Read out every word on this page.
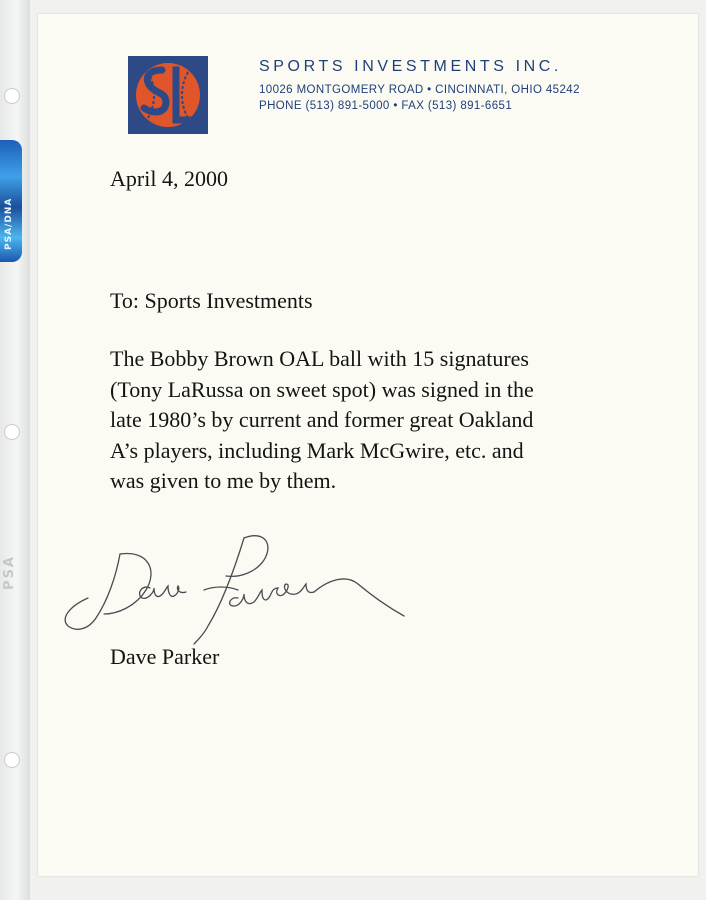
PSA/DNA
PSA
SPORTS INVESTMENTS INC.
10026 MONTGOMERY ROAD • CINCINNATI, OHIO 45242
PHONE (513) 891-5000 • FAX (513) 891-6651
April 4, 2000
To: Sports Investments
The Bobby Brown OAL ball with 15 signatures
(Tony LaRussa on sweet spot) was signed in the
late 1980’s by current and former great Oakland
A’s players, including Mark McGwire, etc. and
was given to me by them.
Dave Parker
